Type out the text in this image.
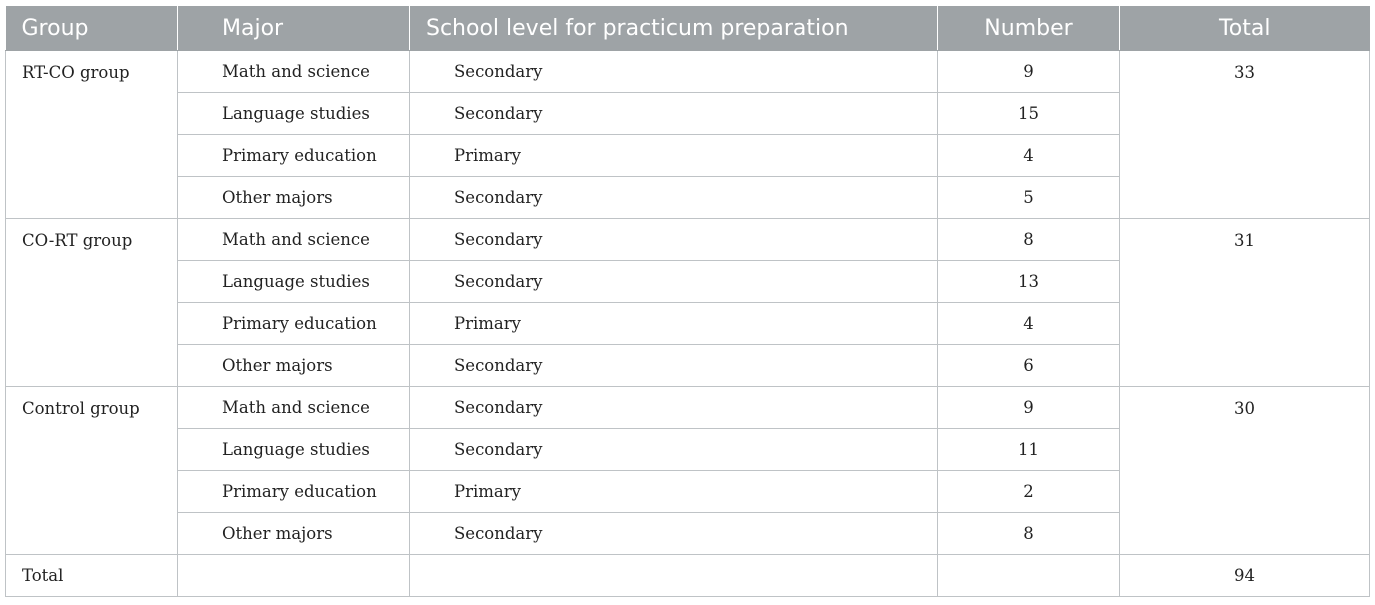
Group	Major	School level for practicum preparation	Number	Total
RT-CO group	Math and science	Secondary	9	33
	Language studies	Secondary	15	
	Primary education	Primary	4	
	Other majors	Secondary	5	
CO-RT group	Math and science	Secondary	8	31
	Language studies	Secondary	13	
	Primary education	Primary	4	
	Other majors	Secondary	6	
Control group	Math and science	Secondary	9	30
	Language studies	Secondary	11	
	Primary education	Primary	2	
	Other majors	Secondary	8	
Total				94
